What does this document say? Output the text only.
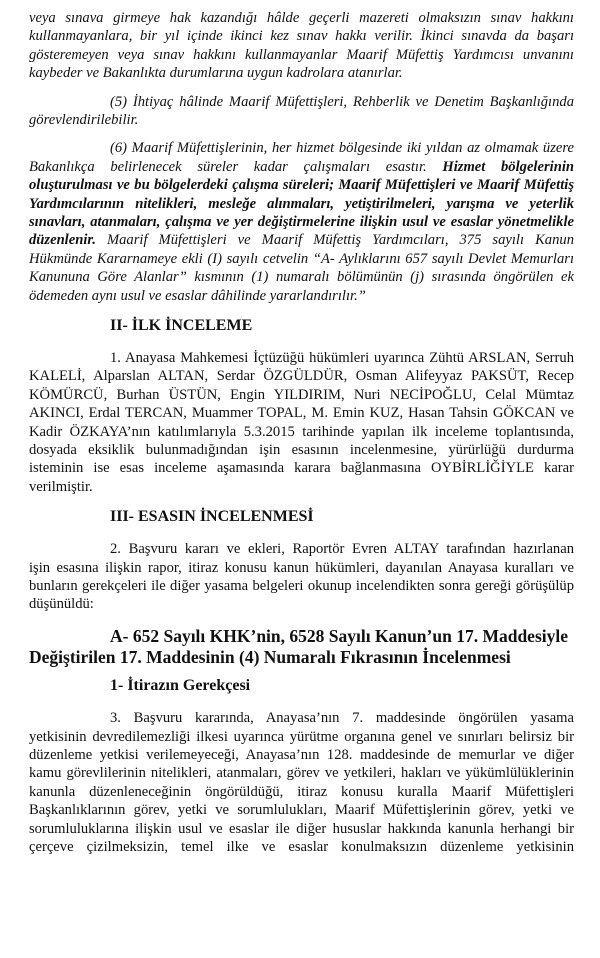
veya sınava girmeye hak kazandığı hâlde geçerli mazereti olmaksızın sınav hakkını
kullanmayanlara, bir yıl içinde ikinci kez sınav hakkı verilir. İkinci sınavda da başarı
gösteremeyen veya sınav hakkını kullanmayanlar Maarif Müfettiş Yardımcısı unvanını
kaybeder ve Bakanlıkta durumlarına uygun kadrolara atanırlar.
(5) İhtiyaç hâlinde Maarif Müfettişleri, Rehberlik ve Denetim Başkanlığında
görevlendirilebilir.
(6) Maarif Müfettişlerinin, her hizmet bölgesinde iki yıldan az olmamak üzere
Bakanlıkça belirlenecek süreler kadar çalışmaları esastır. Hizmet bölgelerinin
oluşturulması ve bu bölgelerdeki çalışma süreleri; Maarif Müfettişleri ve Maarif Müfettiş
Yardımcılarının nitelikleri, mesleğe alınmaları, yetiştirilmeleri, yarışma ve yeterlik
sınavları, atanmaları, çalışma ve yer değiştirmelerine ilişkin usul ve esaslar yönetmelikle
düzenlenir. Maarif Müfettişleri ve Maarif Müfettiş Yardımcıları, 375 sayılı Kanun
Hükmünde Kararnameye ekli (I) sayılı cetvelin “A- Aylıklarını 657 sayılı Devlet Memurları
Kanununa Göre Alanlar” kısmının (1) numaralı bölümünün (j) sırasında öngörülen ek
ödemeden aynı usul ve esaslar dâhilinde yararlandırılır.”
II- İLK İNCELEME
1. Anayasa Mahkemesi İçtüzüğü hükümleri uyarınca Zühtü ARSLAN, Serruh
KALELİ, Alparslan ALTAN, Serdar ÖZGÜLDÜR, Osman Alifeyyaz PAKSÜT, Recep
KÖMÜRCÜ, Burhan ÜSTÜN, Engin YILDIRIM, Nuri NECİPOĞLU, Celal Mümtaz
AKINCI, Erdal TERCAN, Muammer TOPAL, M. Emin KUZ, Hasan Tahsin GÖKCAN ve
Kadir ÖZKAYA’nın katılımlarıyla 5.3.2015 tarihinde yapılan ilk inceleme toplantısında,
dosyada eksiklik bulunmadığından işin esasının incelenmesine, yürürlüğü durdurma
isteminin ise esas inceleme aşamasında karara bağlanmasına OYBİRLİĞİYLE karar
verilmiştir.
III- ESASIN İNCELENMESİ
2. Başvuru kararı ve ekleri, Raportör Evren ALTAY tarafından hazırlanan
işin esasına ilişkin rapor, itiraz konusu kanun hükümleri, dayanılan Anayasa kuralları ve
bunların gerekçeleri ile diğer yasama belgeleri okunup incelendikten sonra gereği görüşülüp
düşünüldü:
A- 652 Sayılı KHK’nin, 6528 Sayılı Kanun’un 17. Maddesiyle
Değiştirilen 17. Maddesinin (4) Numaralı Fıkrasının İncelenmesi
1- İtirazın Gerekçesi
3. Başvuru kararında, Anayasa’nın 7. maddesinde öngörülen yasama
yetkisinin devredilemezliği ilkesi uyarınca yürütme organına genel ve sınırları belirsiz bir
düzenleme yetkisi verilemeyeceği, Anayasa’nın 128. maddesinde de memurlar ve diğer
kamu görevlilerinin nitelikleri, atanmaları, görev ve yetkileri, hakları ve yükümlülüklerinin
kanunla düzenleneceğinin öngörüldüğü, itiraz konusu kuralla Maarif Müfettişleri
Başkanlıklarının görev, yetki ve sorumlulukları, Maarif Müfettişlerinin görev, yetki ve
sorumluluklarına ilişkin usul ve esaslar ile diğer hususlar hakkında kanunla herhangi bir
çerçeve çizilmeksizin, temel ilke ve esaslar konulmaksızın düzenleme yetkisinin
